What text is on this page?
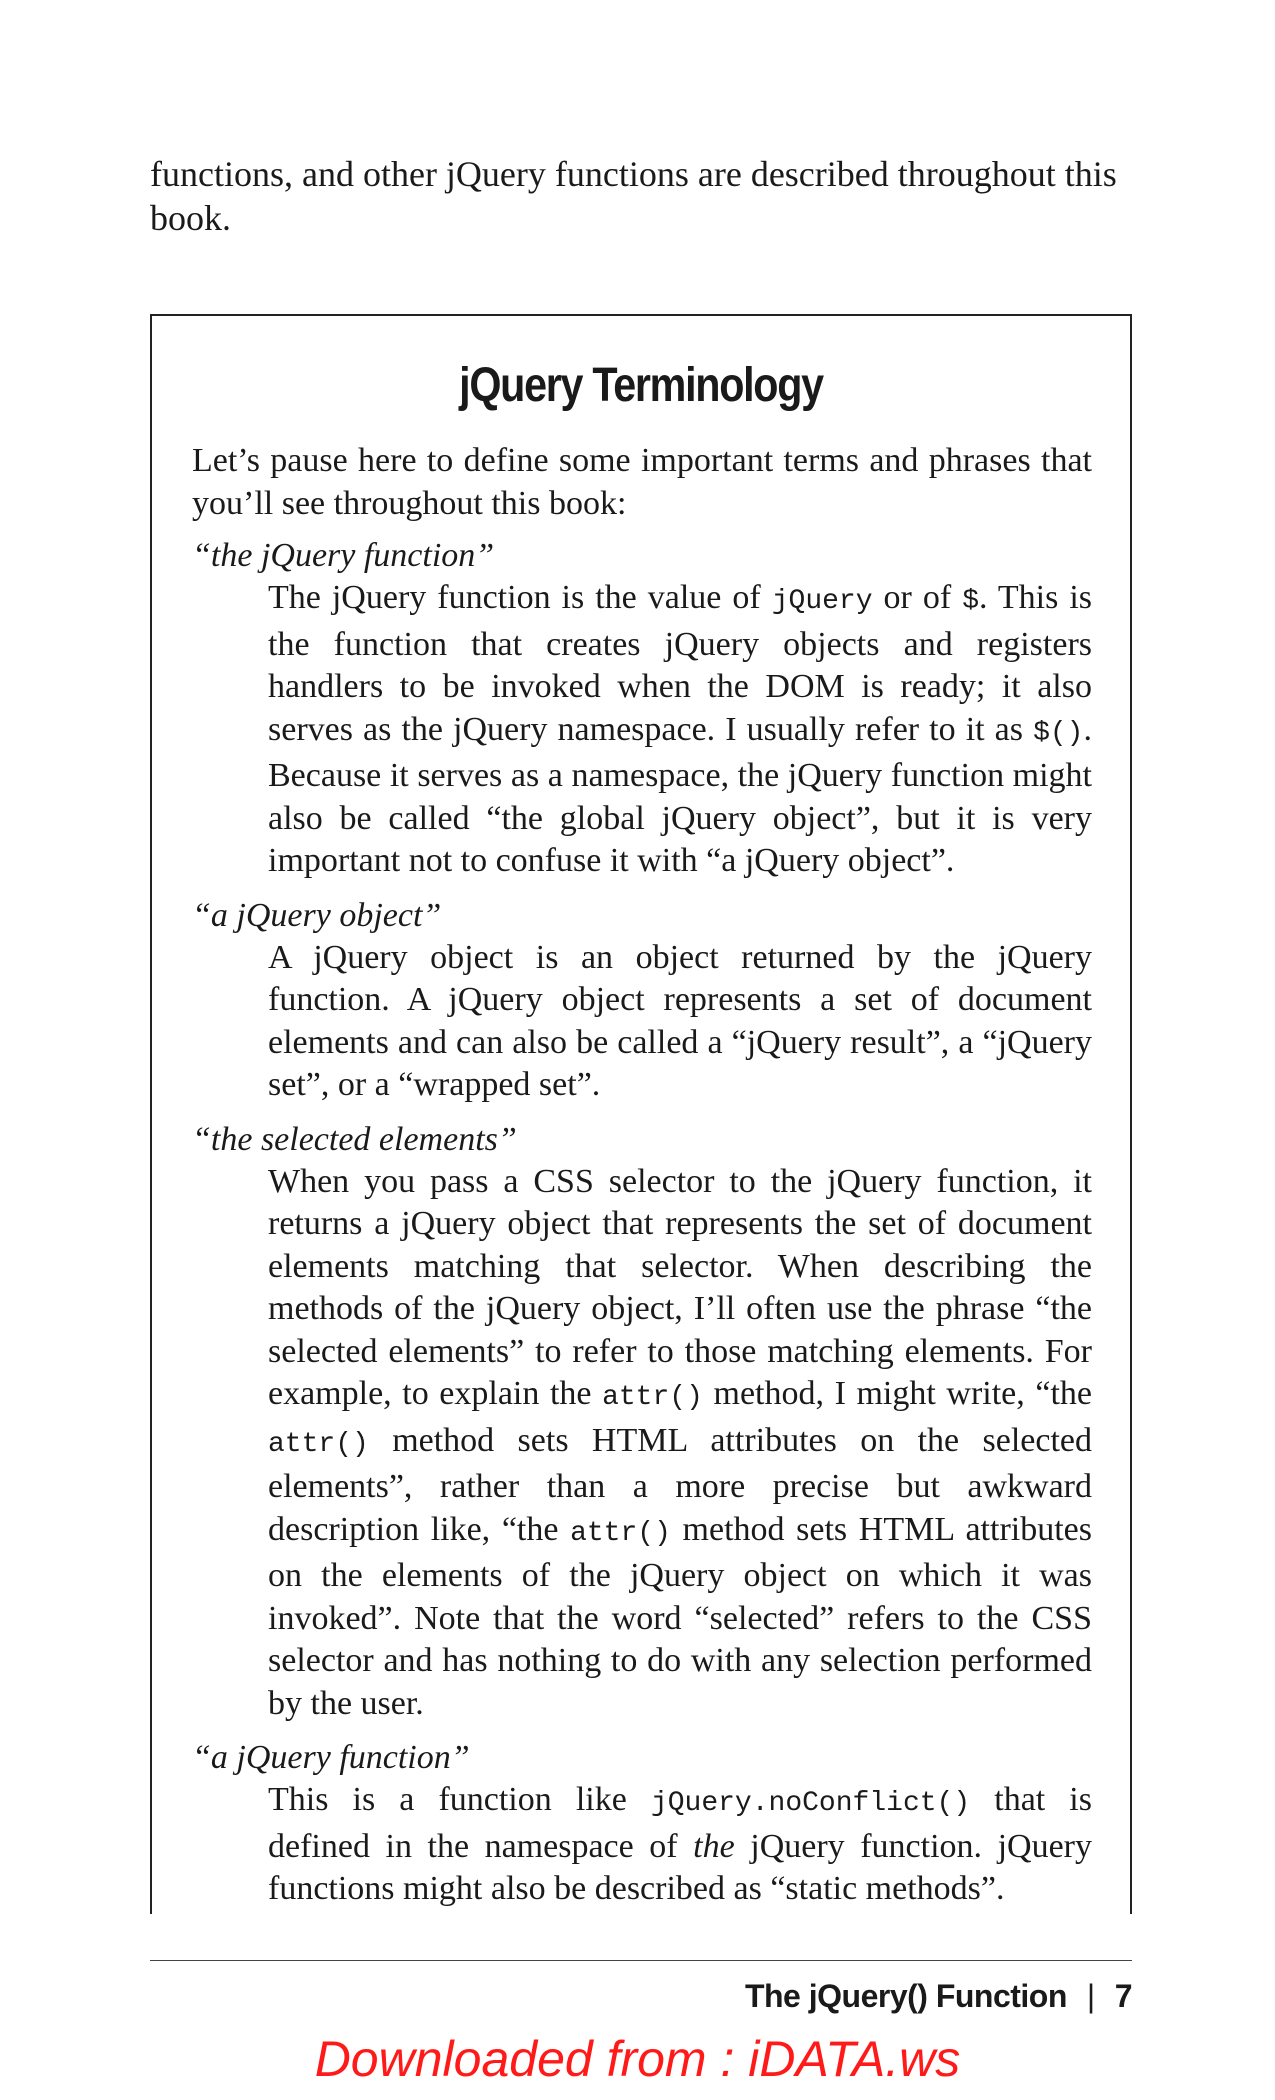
functions, and other jQuery functions are described throughout this book.

jQuery Terminology

Let’s pause here to define some important terms and phrases that you’ll see throughout this book:

“the jQuery function”

The jQuery function is the value of jQuery or of $. This is the function that creates jQuery objects and registers handlers to be invoked when the DOM is ready; it also serves as the jQuery namespace. I usually refer to it as $(). Because it serves as a namespace, the jQuery function might also be called “the global jQuery object”, but it is very important not to confuse it with “a jQuery object”.

“a jQuery object”

A jQuery object is an object returned by the jQuery function. A jQuery object represents a set of document elements and can also be called a “jQuery result”, a “jQuery set”, or a “wrapped set”.

“the selected elements”

When you pass a CSS selector to the jQuery function, it returns a jQuery object that represents the set of document elements matching that selector. When describing the methods of the jQuery object, I’ll often use the phrase “the selected elements” to refer to those matching elements. For example, to explain the attr() method, I might write, “the attr() method sets HTML attributes on the selected elements”, rather than a more precise but awkward description like, “the attr() method sets HTML attributes on the elements of the jQuery object on which it was invoked”. Note that the word “selected” refers to the CSS selector and has nothing to do with any selection performed by the user.

“a jQuery function”

This is a function like jQuery.noConflict() that is defined in the namespace of the jQuery function. jQuery functions might also be described as “static methods”.

The jQuery() Function | 7

Downloaded from : iDATA.ws
